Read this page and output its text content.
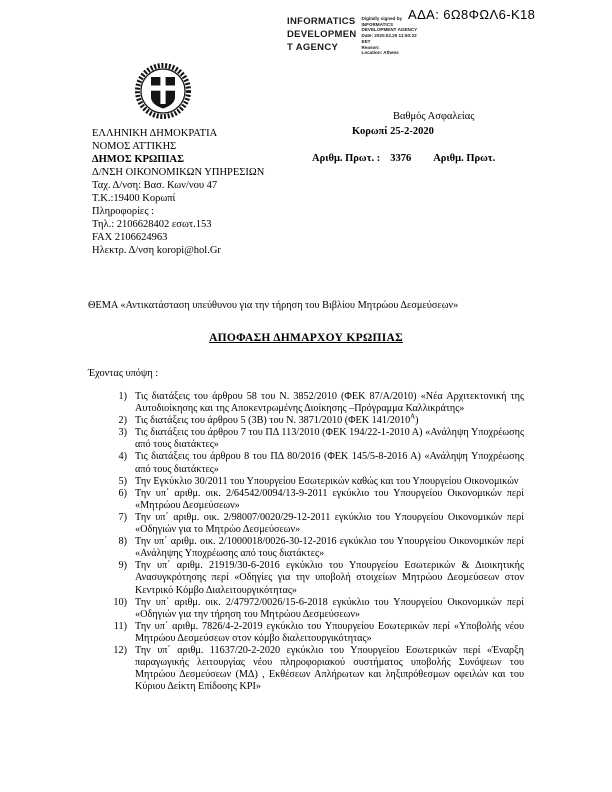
ΑΔΑ: 6Ω8ΦΩΛ6-Κ18
INFORMATICS
DEVELOPMEN
T AGENCY
Digitally signed by
INFORMATICS
DEVELOPMENT AGENCY
Date: 2020.02.25 11:50:22
EET
Reason:
Location: Athens
ΕΛΛΗΝΙΚΗ ΔΗΜΟΚΡΑΤΙΑ
ΝΟΜΟΣ ΑΤΤΙΚΗΣ
ΔΗΜΟΣ ΚΡΩΠΙΑΣ
Δ/ΝΣΗ ΟΙΚΟΝΟΜΙΚΩΝ ΥΠΗΡΕΣΙΩΝ
Ταχ. Δ/νση: Βασ. Κων/νου 47
Τ.Κ.:19400 Κορωπί
Πληροφορίες :
Τηλ.: 2106628402 εσωτ.153
FAX 2106624963
Ηλεκτρ. Δ/νση koropi@hol.Gr
Βαθμός Ασφαλείας
Κορωπί 25-2-2020
Αριθμ. Πρωτ. : 3376 Αριθμ. Πρωτ.
ΘΕΜΑ «Αντικατάσταση υπεύθυνου για την τήρηση του Βιβλίου Μητρώου Δεσμεύσεων»
ΑΠΟΦΑΣΗ ΔΗΜΑΡΧΟΥ ΚΡΩΠΙΑΣ
Έχοντας υπόψη :
1) Τις διατάξεις του άρθρου 58 του Ν. 3852/2010 (ΦΕΚ 87/Α/2010) «Νέα Αρχιτεκτονική της Αυτοδιοίκησης και της Αποκεντρωμένης Διοίκησης –Πρόγραμμα Καλλικράτης»
2) Τις διατάξεις του άρθρου 5 (3Β) του Ν. 3871/2010 (ΦΕΚ $141/2010^A$)
3) Τις διατάξεις του άρθρου 7 του ΠΔ 113/2010 (ΦΕΚ 194/22-1-2010 Α) «Ανάληψη Υποχρέωσης από τους διατάκτες»
4) Τις διατάξεις του άρθρου 8 του ΠΔ 80/2016 (ΦΕΚ 145/5-8-2016 Α) «Ανάληψη Υποχρέωσης από τους διατάκτες»
5) Την Εγκύκλιο 30/2011 του Υπουργείου Εσωτερικών καθώς και του Υπουργείου Οικονομικών
6) Την υπ΄ αριθμ. οικ. 2/64542/0094/13-9-2011 εγκύκλιο του Υπουργείου Οικονομικών περί «Μητρώου Δεσμεύσεων»
7) Την υπ΄ αριθμ. οικ. 2/98007/0020/29-12-2011 εγκύκλιο του Υπουργείου Οικονομικών περί «Οδηγιών για το Μητρώο Δεσμεύσεων»
8) Την υπ΄ αριθμ. οικ. 2/1000018/0026-30-12-2016 εγκύκλιο του Υπουργείου Οικονομικών περί «Ανάληψης Υποχρέωσης από τους διατάκτες»
9) Την υπ΄ αριθμ. 21919/30-6-2016 εγκύκλιο του Υπουργείου Εσωτερικών & Διοικητικής Ανασυγκρότησης περί «Οδηγίες για την υποβολή στοιχείων Μητρώου Δεσμεύσεων στον Κεντρικό Κόμβο Διαλειτουργικότητας»
10) Την υπ΄ αριθμ. οικ. 2/47972/0026/15-6-2018 εγκύκλιο του Υπουργείου Οικονομικών περί «Οδηγιών για την τήρηση του Μητρώου Δεσμεύσεων»
11) Την υπ΄ αριθμ. 7826/4-2-2019 εγκύκλιο του Υπουργείου Εσωτερικών περί «Υποβολής νέου Μητρώου Δεσμεύσεων στον κόμβο διαλειτουργικότητας»
12) Την υπ΄ αριθμ. 11637/20-2-2020 εγκύκλιο του Υπουργείου Εσωτερικών περί «Έναρξη παραγωγικής λειτουργίας νέου πληροφοριακού συστήματος υποβολής Συνόψεων του Μητρώου Δεσμεύσεων (ΜΔ) , Εκθέσεων Απλήρωτων και ληξιπρόθεσμων οφειλών και του Κύριου Δείκτη Επίδοσης KPI»
